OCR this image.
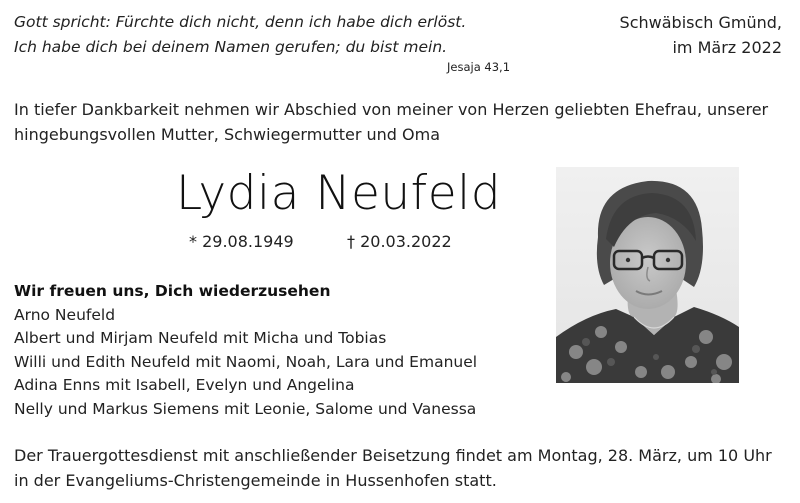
Gott spricht: Fürchte dich nicht, denn ich habe dich erlöst.
Ich habe dich bei deinem Namen gerufen; du bist mein.
Jesaja 43,1
Schwäbisch Gmünd,
im März 2022
In tiefer Dankbarkeit nehmen wir Abschied von meiner von Herzen geliebten Ehefrau, unserer
hingebungsvollen Mutter, Schwiegermutter und Oma
Lydia Neufeld
* 29.08.1949	† 20.03.2022
Wir freuen uns, Dich wiederzusehen
Arno Neufeld
Albert und Mirjam Neufeld mit Micha und Tobias
Willi und Edith Neufeld mit Naomi, Noah, Lara und Emanuel
Adina Enns mit Isabell, Evelyn und Angelina
Nelly und Markus Siemens mit Leonie, Salome und Vanessa
Der Trauergottesdienst mit anschließender Beisetzung findet am Montag, 28. März, um 10 Uhr
in der Evangeliums-Christengemeinde in Hussenhofen statt.
